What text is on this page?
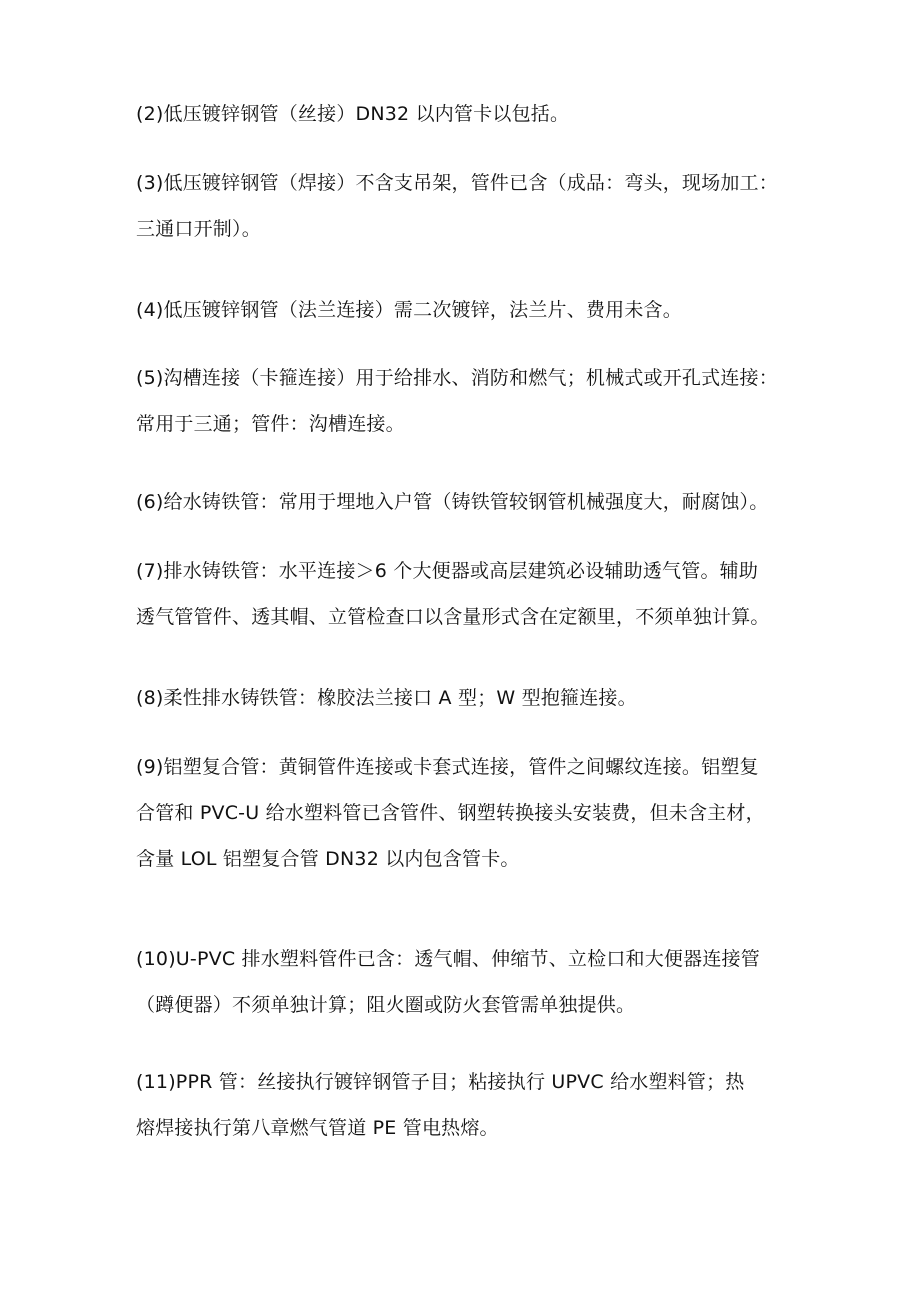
(2)低压镀锌钢管（丝接）DN32 以内管卡以包括。

(3)低压镀锌钢管（焊接）不含支吊架，管件已含（成品：弯头，现场加工：
三通口开制）。

(4)低压镀锌钢管（法兰连接）需二次镀锌，法兰片、费用未含。

(5)沟槽连接（卡箍连接）用于给排水、消防和燃气；机械式或开孔式连接：
常用于三通；管件：沟槽连接。

(6)给水铸铁管：常用于埋地入户管（铸铁管较钢管机械强度大，耐腐蚀）。

(7)排水铸铁管：水平连接＞6 个大便器或高层建筑必设辅助透气管。辅助
透气管管件、透其帽、立管检查口以含量形式含在定额里，不须单独计算。

(8)柔性排水铸铁管：橡胶法兰接口 A 型；W 型抱箍连接。

(9)铝塑复合管：黄铜管件连接或卡套式连接，管件之间螺纹连接。铝塑复
合管和 PVC-U 给水塑料管已含管件、钢塑转换接头安装费，但未含主材，
含量 LOL 铝塑复合管 DN32 以内包含管卡。

(10)U-PVC 排水塑料管件已含：透气帽、伸缩节、立检口和大便器连接管
（蹲便器）不须单独计算；阻火圈或防火套管需单独提供。

(11)PPR 管：丝接执行镀锌钢管子目；粘接执行 UPVC 给水塑料管；热
熔焊接执行第八章燃气管道 PE 管电热熔。
